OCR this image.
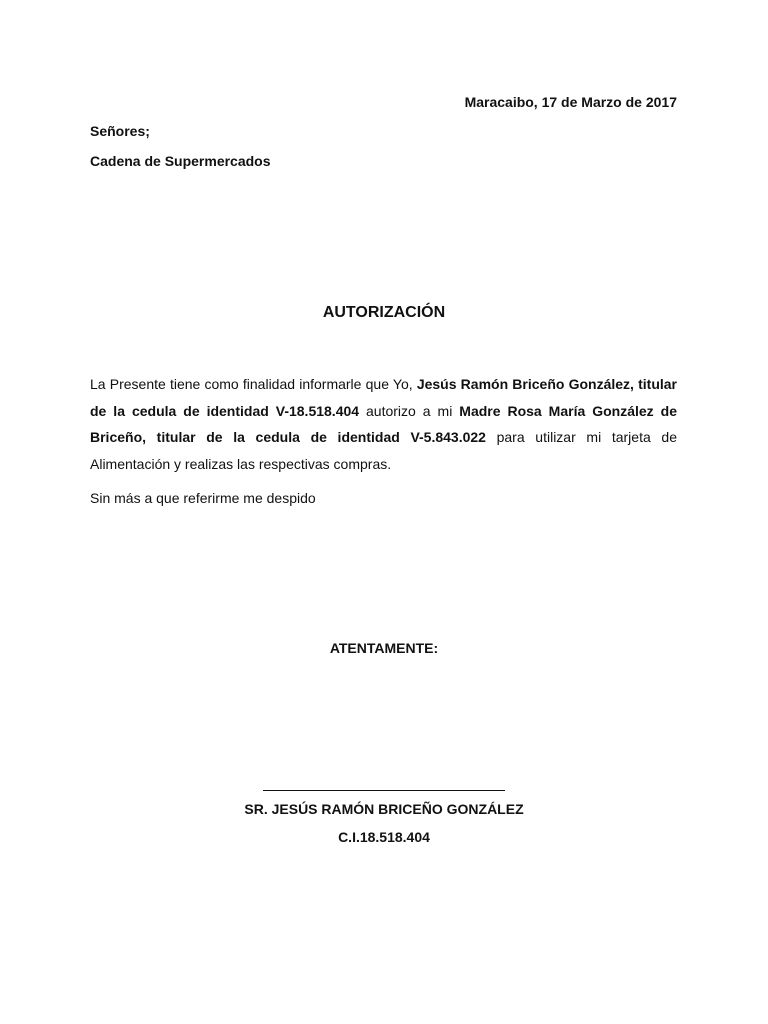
Maracaibo, 17 de Marzo de 2017
Señores;
Cadena de Supermercados
AUTORIZACIÓN
La Presente tiene como finalidad informarle que Yo, Jesús Ramón Briceño González, titular de la cedula de identidad V-18.518.404 autorizo a mi Madre Rosa María González de Briceño, titular de la cedula de identidad V-5.843.022 para utilizar mi tarjeta de Alimentación y realizas las respectivas compras.
Sin más a que referirme me despido
ATENTAMENTE:
SR. JESÚS RAMÓN BRICEÑO GONZÁLEZ
C.I.18.518.404
